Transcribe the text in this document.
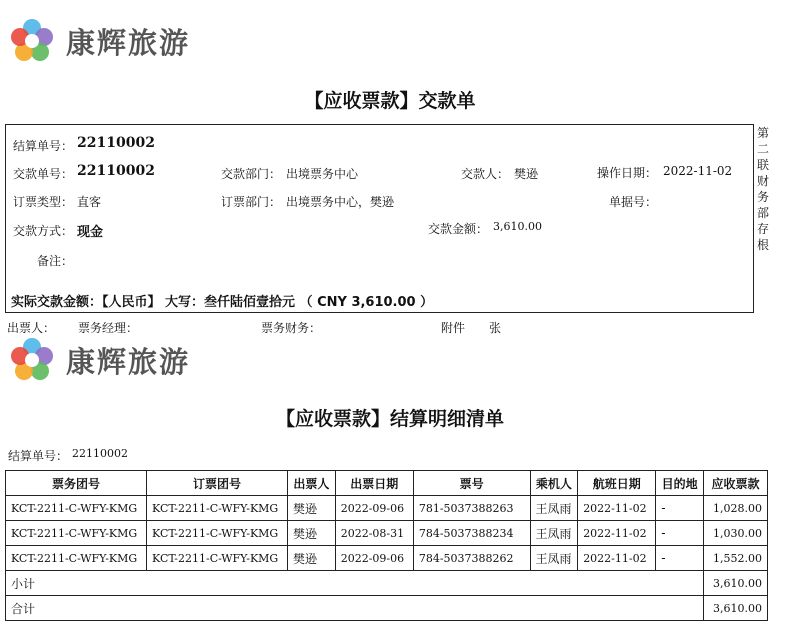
康辉旅游
【应收票款】交款单
结算单号： 22110002
交款单号： 22110002	交款部门： 出境票务中心	交款人： 樊逊	操作日期： 2022-11-02
订票类型： 直客	订票部门： 出境票务中心，樊逊	单据号：
交款方式： 现金	交款金额： 3,610.00
备注：
实际交款金额：【人民币】 大写：叁仟陆佰壹拾元 （ CNY 3,610.00 ）
第
二
联
财
务
部
存
根
出票人： 票务经理：	票务财务：	附件 张
康辉旅游
【应收票款】结算明细清单
结算单号： 22110002
票务团号	订票团号	出票人	出票日期	票号	乘机人	航班日期	目的地	应收票款
KCT-2211-C-WFY-KMG	KCT-2211-C-WFY-KMG	樊逊	2022-09-06	781-5037388263	王凤雨	2022-11-02	-	1,028.00
KCT-2211-C-WFY-KMG	KCT-2211-C-WFY-KMG	樊逊	2022-08-31	784-5037388234	王凤雨	2022-11-02	-	1,030.00
KCT-2211-C-WFY-KMG	KCT-2211-C-WFY-KMG	樊逊	2022-09-06	784-5037388262	王凤雨	2022-11-02	-	1,552.00
小计								3,610.00
合计								3,610.00
